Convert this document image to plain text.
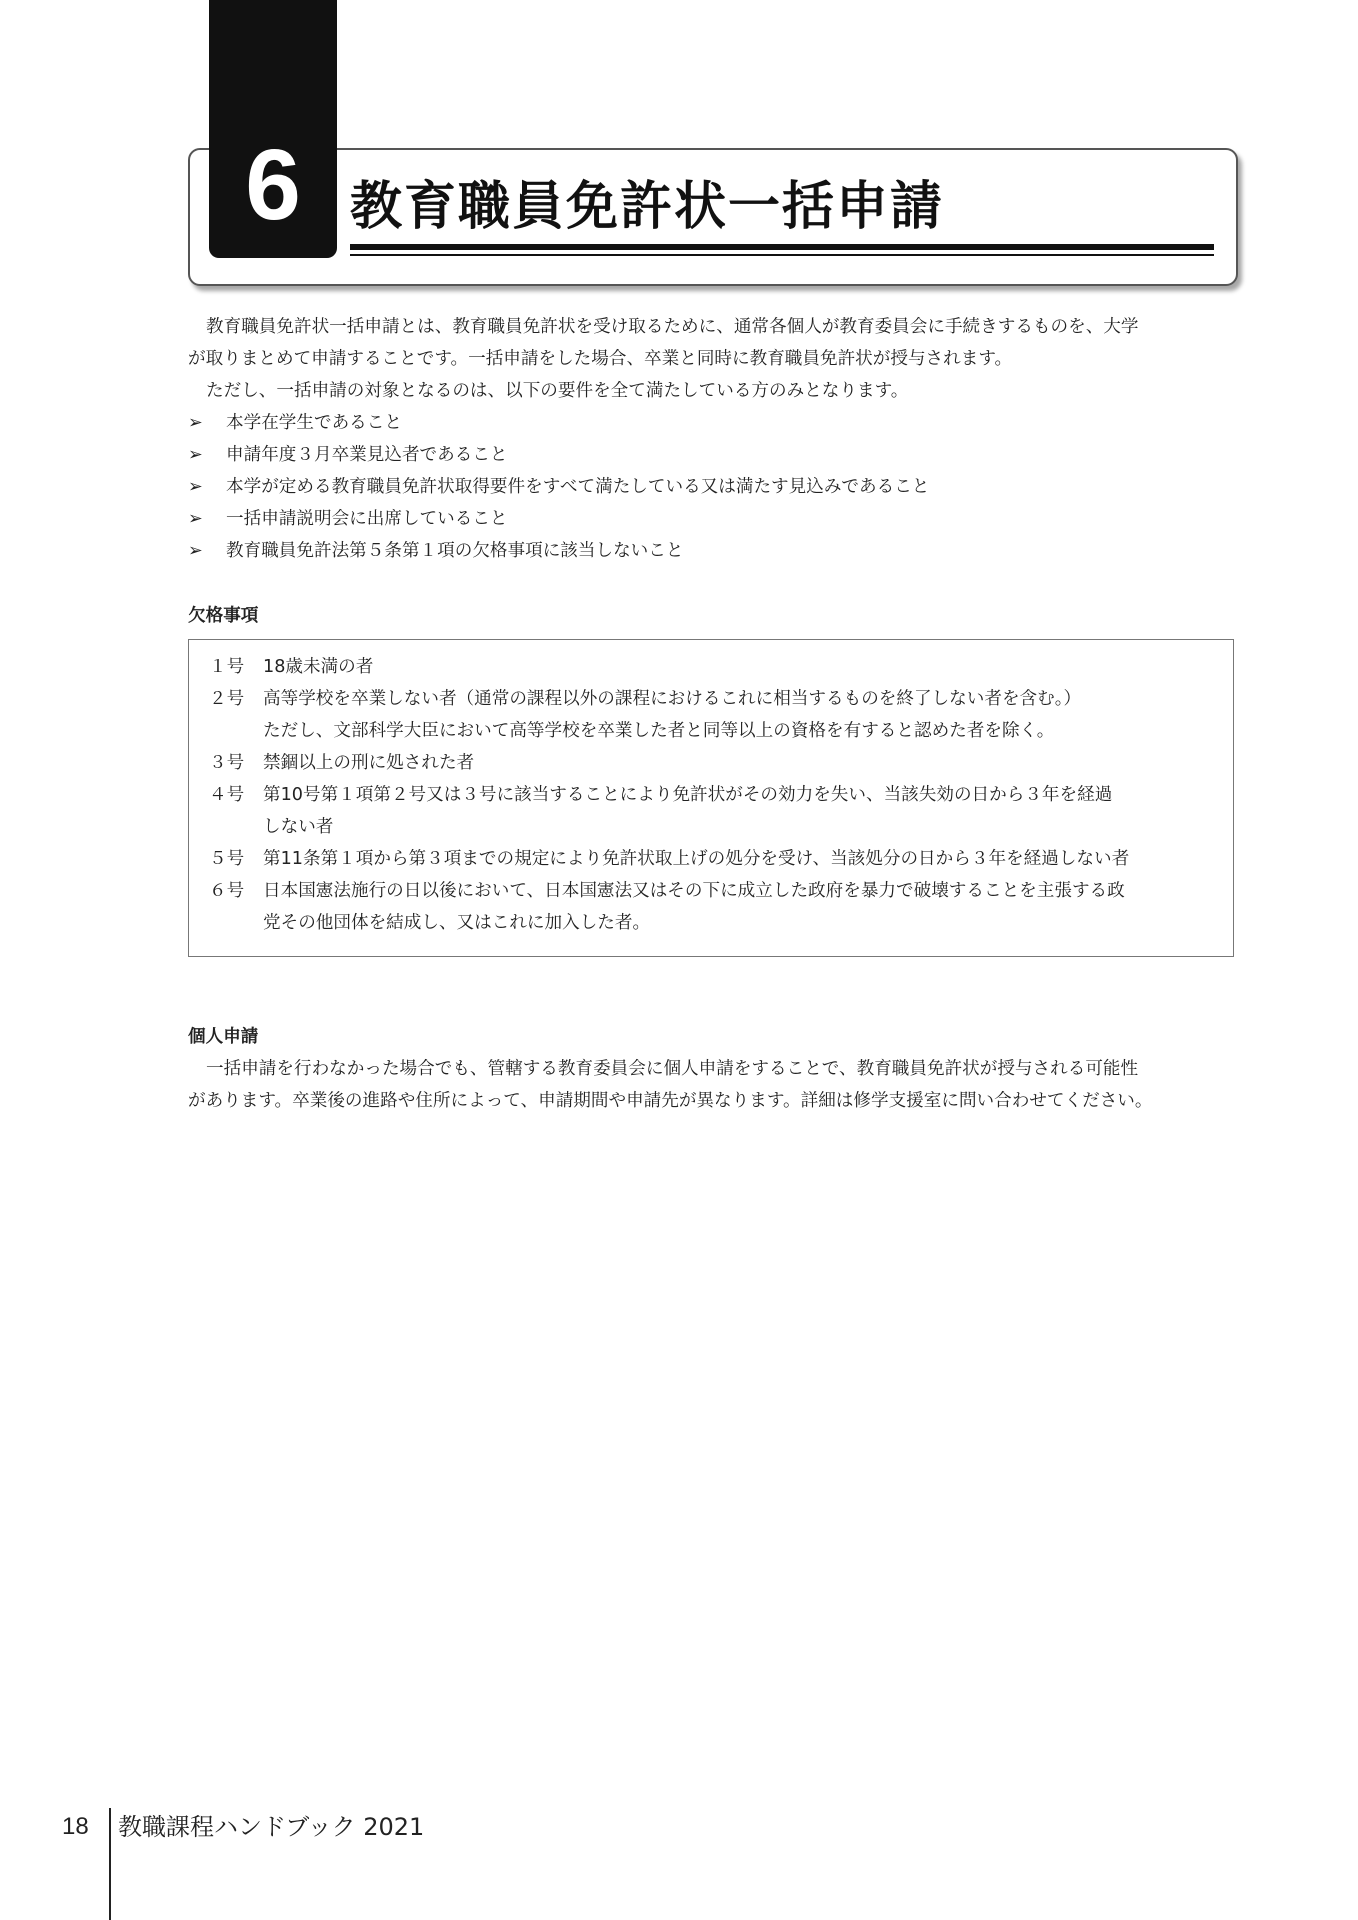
6 教育職員免許状一括申請
教育職員免許状一括申請とは、教育職員免許状を受け取るために、通常各個人が教育委員会に手続きするものを、大学
が取りまとめて申請することです。一括申請をした場合、卒業と同時に教育職員免許状が授与されます。
ただし、一括申請の対象となるのは、以下の要件を全て満たしている方のみとなります。
➢	本学在学生であること
➢	申請年度３月卒業見込者であること
➢	本学が定める教育職員免許状取得要件をすべて満たしている又は満たす見込みであること
➢	一括申請説明会に出席していること
➢	教育職員免許法第５条第１項の欠格事項に該当しないこと
欠格事項
１号	18歳未満の者
２号	高等学校を卒業しない者（通常の課程以外の課程におけるこれに相当するものを終了しない者を含む。）
ただし、文部科学大臣において高等学校を卒業した者と同等以上の資格を有すると認めた者を除く。
３号	禁錮以上の刑に処された者
４号	第10号第１項第２号又は３号に該当することにより免許状がその効力を失い、当該失効の日から３年を経過
しない者
５号	第11条第１項から第３項までの規定により免許状取上げの処分を受け、当該処分の日から３年を経過しない者
６号	日本国憲法施行の日以後において、日本国憲法又はその下に成立した政府を暴力で破壊することを主張する政
党その他団体を結成し、又はこれに加入した者。
個人申請
一括申請を行わなかった場合でも、管轄する教育委員会に個人申請をすることで、教育職員免許状が授与される可能性
があります。卒業後の進路や住所によって、申請期間や申請先が異なります。詳細は修学支援室に問い合わせてください。
18 教職課程ハンドブック 2021
